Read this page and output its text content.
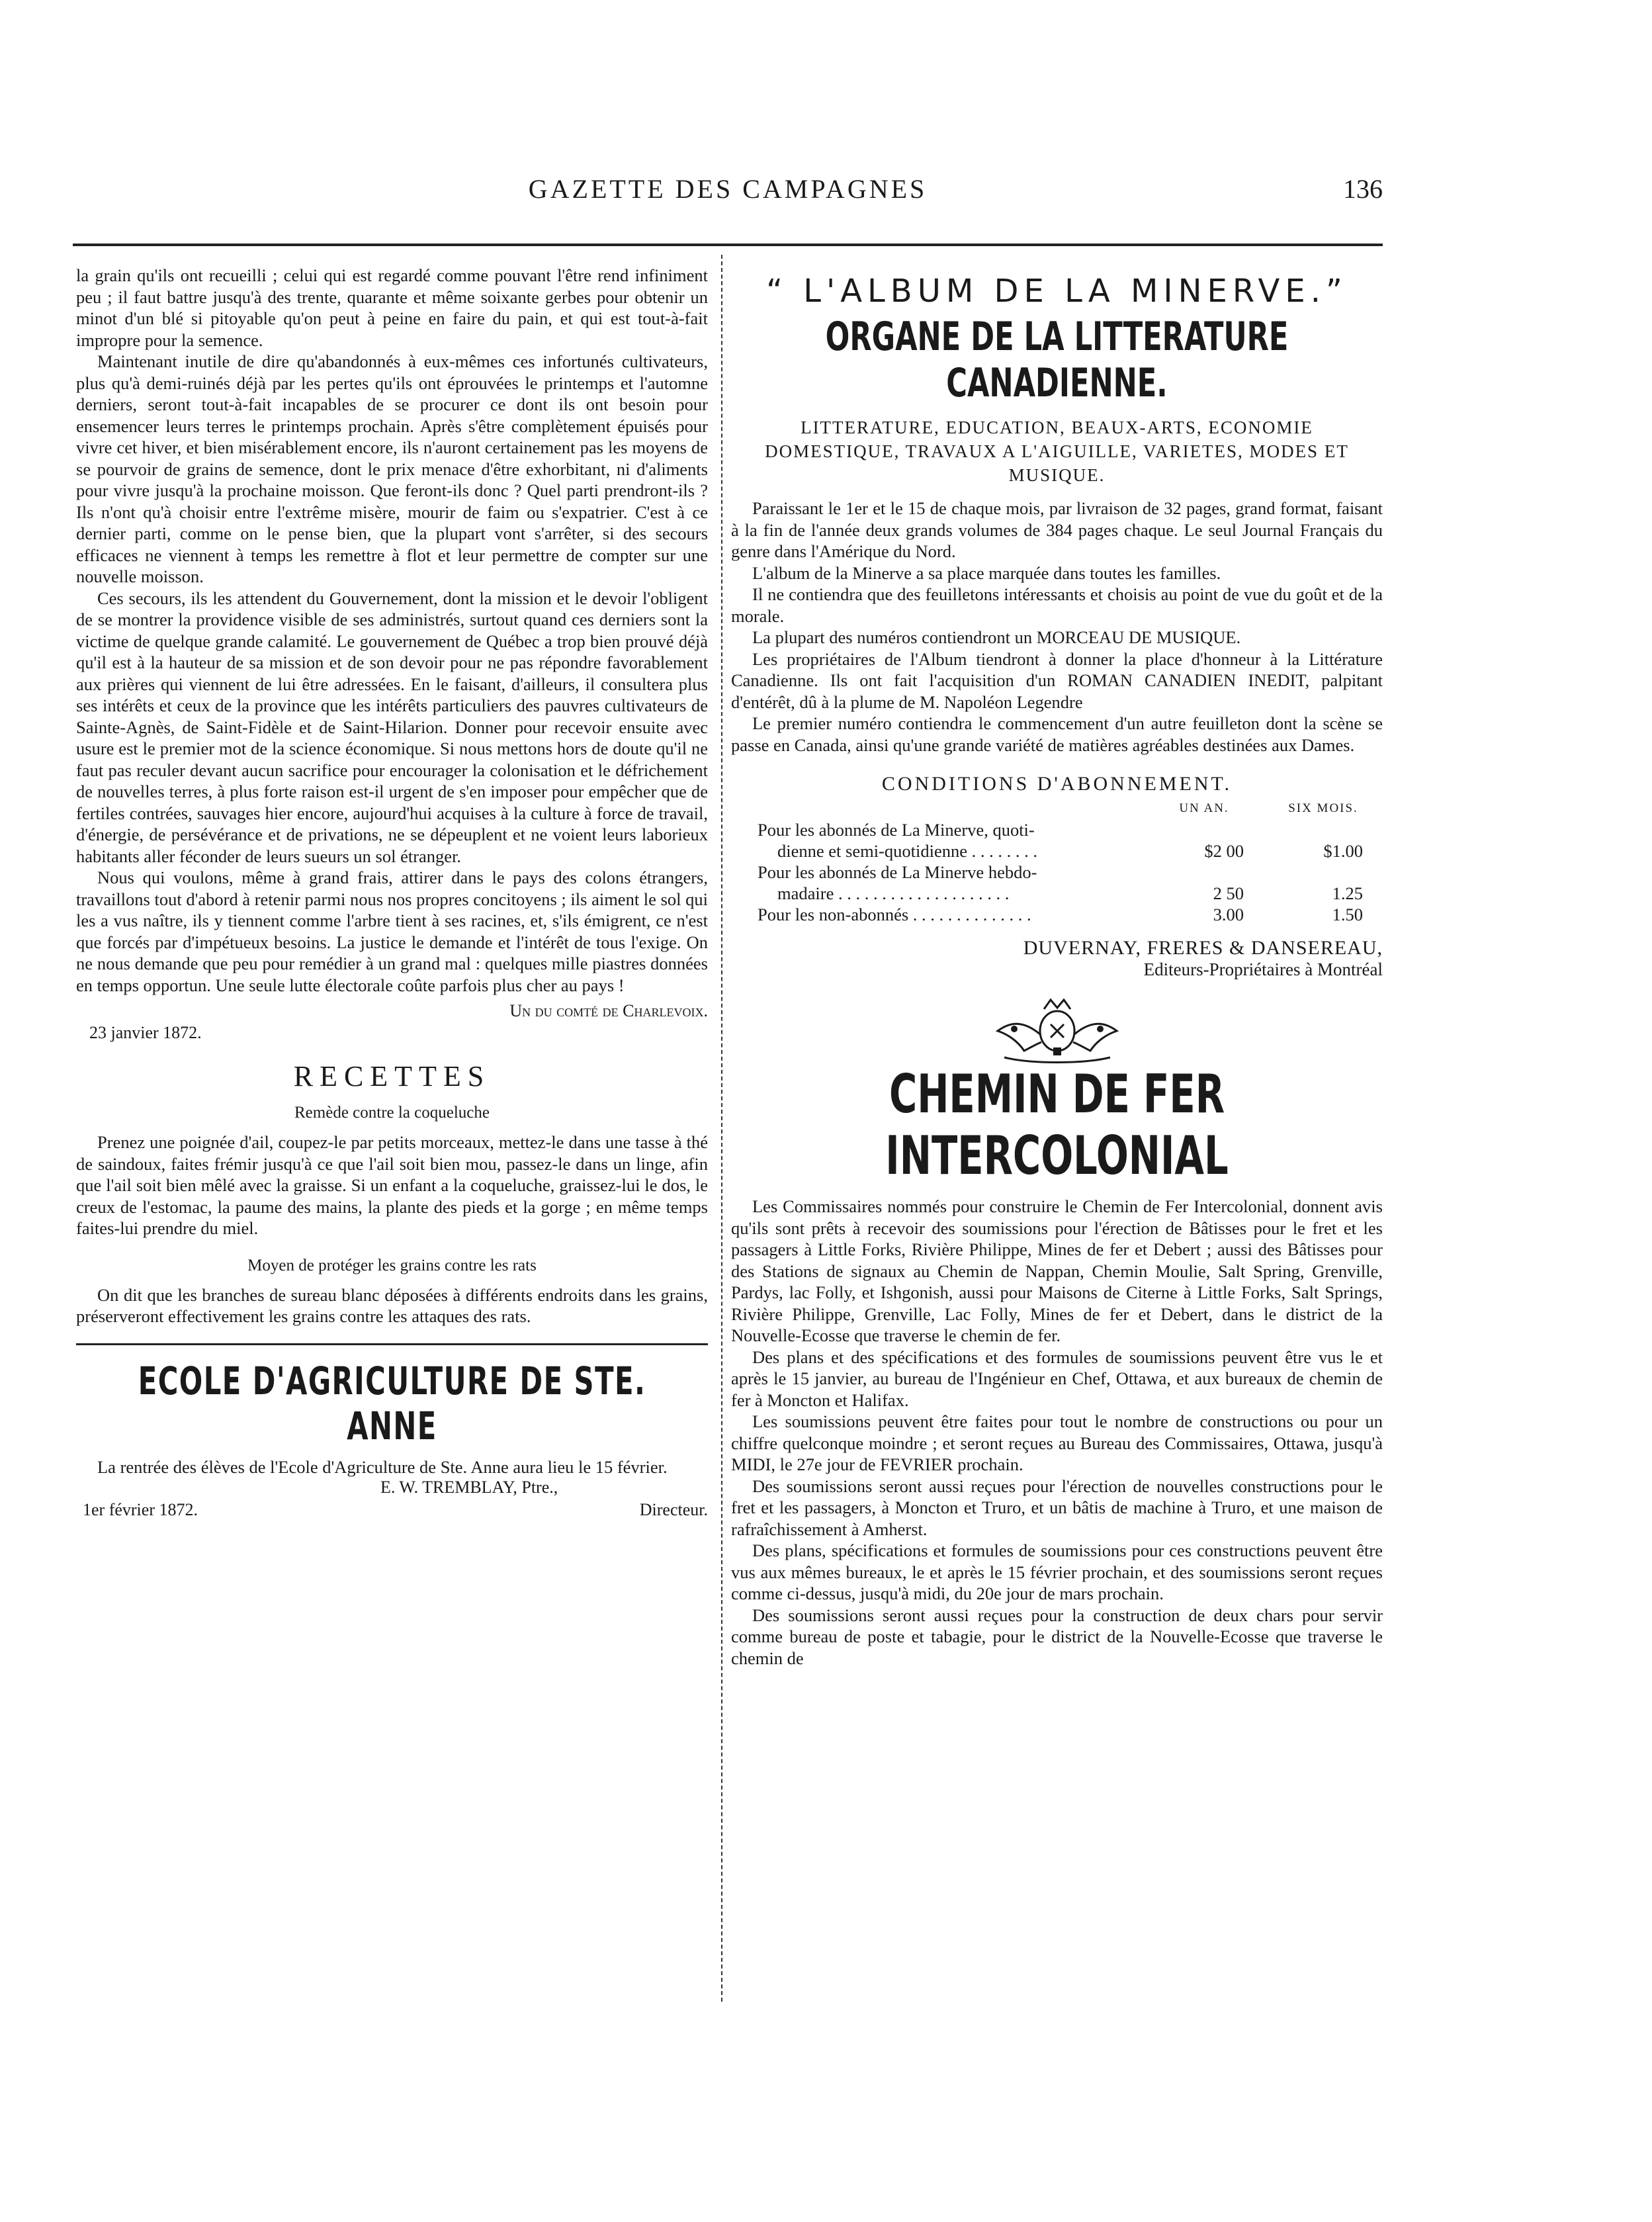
GAZETTE DES CAMPAGNES	136

la grain qu'ils ont recueilli ; celui qui est regardé comme pouvant l'être rend infiniment peu ; il faut battre jusqu'à des trente, quarante et même soixante gerbes pour obtenir un minot d'un blé si pitoyable qu'on peut à peine en faire du pain, et qui est tout-à-fait impropre pour la semence.

Maintenant inutile de dire qu'abandonnés à eux-mêmes ces infortunés cultivateurs, plus qu'à demi-ruinés déjà par les pertes qu'ils ont éprouvées le printemps et l'automne derniers, seront tout-à-fait incapables de se procurer ce dont ils ont besoin pour ensemencer leurs terres le printemps prochain. Après s'être complètement épuisés pour vivre cet hiver, et bien misérablement encore, ils n'auront certainement pas les moyens de se pourvoir de grains de semence, dont le prix menace d'être exhorbitant, ni d'aliments pour vivre jusqu'à la prochaine moisson. Que feront-ils donc ? Quel parti prendront-ils ? Ils n'ont qu'à choisir entre l'extrême misère, mourir de faim ou s'expatrier. C'est à ce dernier parti, comme on le pense bien, que la plupart vont s'arrêter, si des secours efficaces ne viennent à temps les remettre à flot et leur permettre de compter sur une nouvelle moisson.

Ces secours, ils les attendent du Gouvernement, dont la mission et le devoir l'obligent de se montrer la providence visible de ses administrés, surtout quand ces derniers sont la victime de quelque grande calamité. Le gouvernement de Québec a trop bien prouvé déjà qu'il est à la hauteur de sa mission et de son devoir pour ne pas répondre favorablement aux prières qui viennent de lui être adressées. En le faisant, d'ailleurs, il consultera plus ses intérêts et ceux de la province que les intérêts particuliers des pauvres cultivateurs de Sainte-Agnès, de Saint-Fidèle et de Saint-Hilarion. Donner pour recevoir ensuite avec usure est le premier mot de la science économique. Si nous mettons hors de doute qu'il ne faut pas reculer devant aucun sacrifice pour encourager la colonisation et le défrichement de nouvelles terres, à plus forte raison est-il urgent de s'en imposer pour empêcher que de fertiles contrées, sauvages hier encore, aujourd'hui acquises à la culture à force de travail, d'énergie, de persévérance et de privations, ne se dépeuplent et ne voient leurs laborieux habitants aller féconder de leurs sueurs un sol étranger.

Nous qui voulons, même à grand frais, attirer dans le pays des colons étrangers, travaillons tout d'abord à retenir parmi nous nos propres concitoyens ; ils aiment le sol qui les a vus naître, ils y tiennent comme l'arbre tient à ses racines, et, s'ils émigrent, ce n'est que forcés par d'impétueux besoins. La justice le demande et l'intérêt de tous l'exige. On ne nous demande que peu pour remédier à un grand mal : quelques mille piastres données en temps opportun. Une seule lutte électorale coûte parfois plus cher au pays !

Un du comté de Charlevoix.
23 janvier 1872.
RECETTES
Remède contre la coqueluche

Prenez une poignée d'ail, coupez-le par petits morceaux, mettez-le dans une tasse à thé de saindoux, faites frémir jusqu'à ce que l'ail soit bien mou, passez-le dans un linge, afin que l'ail soit bien mêlé avec la graisse. Si un enfant a la coqueluche, graissez-lui le dos, le creux de l'estomac, la paume des mains, la plante des pieds et la gorge ; en même temps faites-lui prendre du miel.

Moyen de protéger les grains contre les rats

On dit que les branches de sureau blanc déposées à différents endroits dans les grains, préserveront effectivement les grains contre les attaques des rats.

ECOLE D'AGRICULTURE DE STE. ANNE

La rentrée des élèves de l'Ecole d'Agriculture de Ste. Anne aura lieu le 15 février.

E. W. TREMBLAY, Ptre.,
1er février 1872.	Directeur.
“ L'ALBUM DE LA MINERVE.”
ORGANE DE LA LITTERATURE CANADIENNE.
LITTERATURE, EDUCATION, BEAUX-ARTS, ECONOMIE DOMESTIQUE, TRAVAUX A L'AIGUILLE, VARIETES, MODES ET MUSIQUE.

Paraissant le 1er et le 15 de chaque mois, par livraison de 32 pages, grand format, faisant à la fin de l'année deux grands volumes de 384 pages chaque. Le seul Journal Français du genre dans l'Amérique du Nord.

L'album de la Minerve a sa place marquée dans toutes les familles.

Il ne contiendra que des feuilletons intéressants et choisis au point de vue du goût et de la morale.

La plupart des numéros contiendront un MORCEAU DE MUSIQUE.

Les propriétaires de l'Album tiendront à donner la place d'honneur à la Littérature Canadienne. Ils ont fait l'acquisition d'un ROMAN CANADIEN INEDIT, palpitant d'entérêt, dû à la plume de M. Napoléon Legendre

Le premier numéro contiendra le commencement d'un autre feuilleton dont la scène se passe en Canada, ainsi qu'une grande variété de matières agréables destinées aux Dames.

CONDITIONS D'ABONNEMENT.
	UN AN.	SIX MOIS.
Pour les abonnés de La Minerve, quoti-		
dienne et semi-quotidienne . . . . . . . .	$2 00	$1.00
Pour les abonnés de La Minerve hebdo-		
madaire . . . . . . . . . . . . . . . . . . . .	2 50	1.25
Pour les non-abonnés . . . . . . . . . . . . . .	3.00	1.50
DUVERNAY, FRERES & DANSEREAU,
Editeurs-Propriétaires à Montréal
CHEMIN DE FER INTERCOLONIAL

Les Commissaires nommés pour construire le Chemin de Fer Intercolonial, donnent avis qu'ils sont prêts à recevoir des soumissions pour l'érection de Bâtisses pour le fret et les passagers à Little Forks, Rivière Philippe, Mines de fer et Debert ; aussi des Bâtisses pour des Stations de signaux au Chemin de Nappan, Chemin Moulie, Salt Spring, Grenville, Pardys, lac Folly, et Ishgonish, aussi pour Maisons de Citerne à Little Forks, Salt Springs, Rivière Philippe, Grenville, Lac Folly, Mines de fer et Debert, dans le district de la Nouvelle-Ecosse que traverse le chemin de fer.

Des plans et des spécifications et des formules de soumissions peuvent être vus le et après le 15 janvier, au bureau de l'Ingénieur en Chef, Ottawa, et aux bureaux de chemin de fer à Moncton et Halifax.

Les soumissions peuvent être faites pour tout le nombre de constructions ou pour un chiffre quelconque moindre ; et seront reçues au Bureau des Commissaires, Ottawa, jusqu'à MIDI, le 27e jour de FEVRIER prochain.

Des soumissions seront aussi reçues pour l'érection de nouvelles constructions pour le fret et les passagers, à Moncton et Truro, et un bâtis de machine à Truro, et une maison de rafraîchissement à Amherst.

Des plans, spécifications et formules de soumissions pour ces constructions peuvent être vus aux mêmes bureaux, le et après le 15 février prochain, et des soumissions seront reçues comme ci-dessus, jusqu'à midi, du 20e jour de mars prochain.

Des soumissions seront aussi reçues pour la construction de deux chars pour servir comme bureau de poste et tabagie, pour le district de la Nouvelle-Ecosse que traverse le chemin de
